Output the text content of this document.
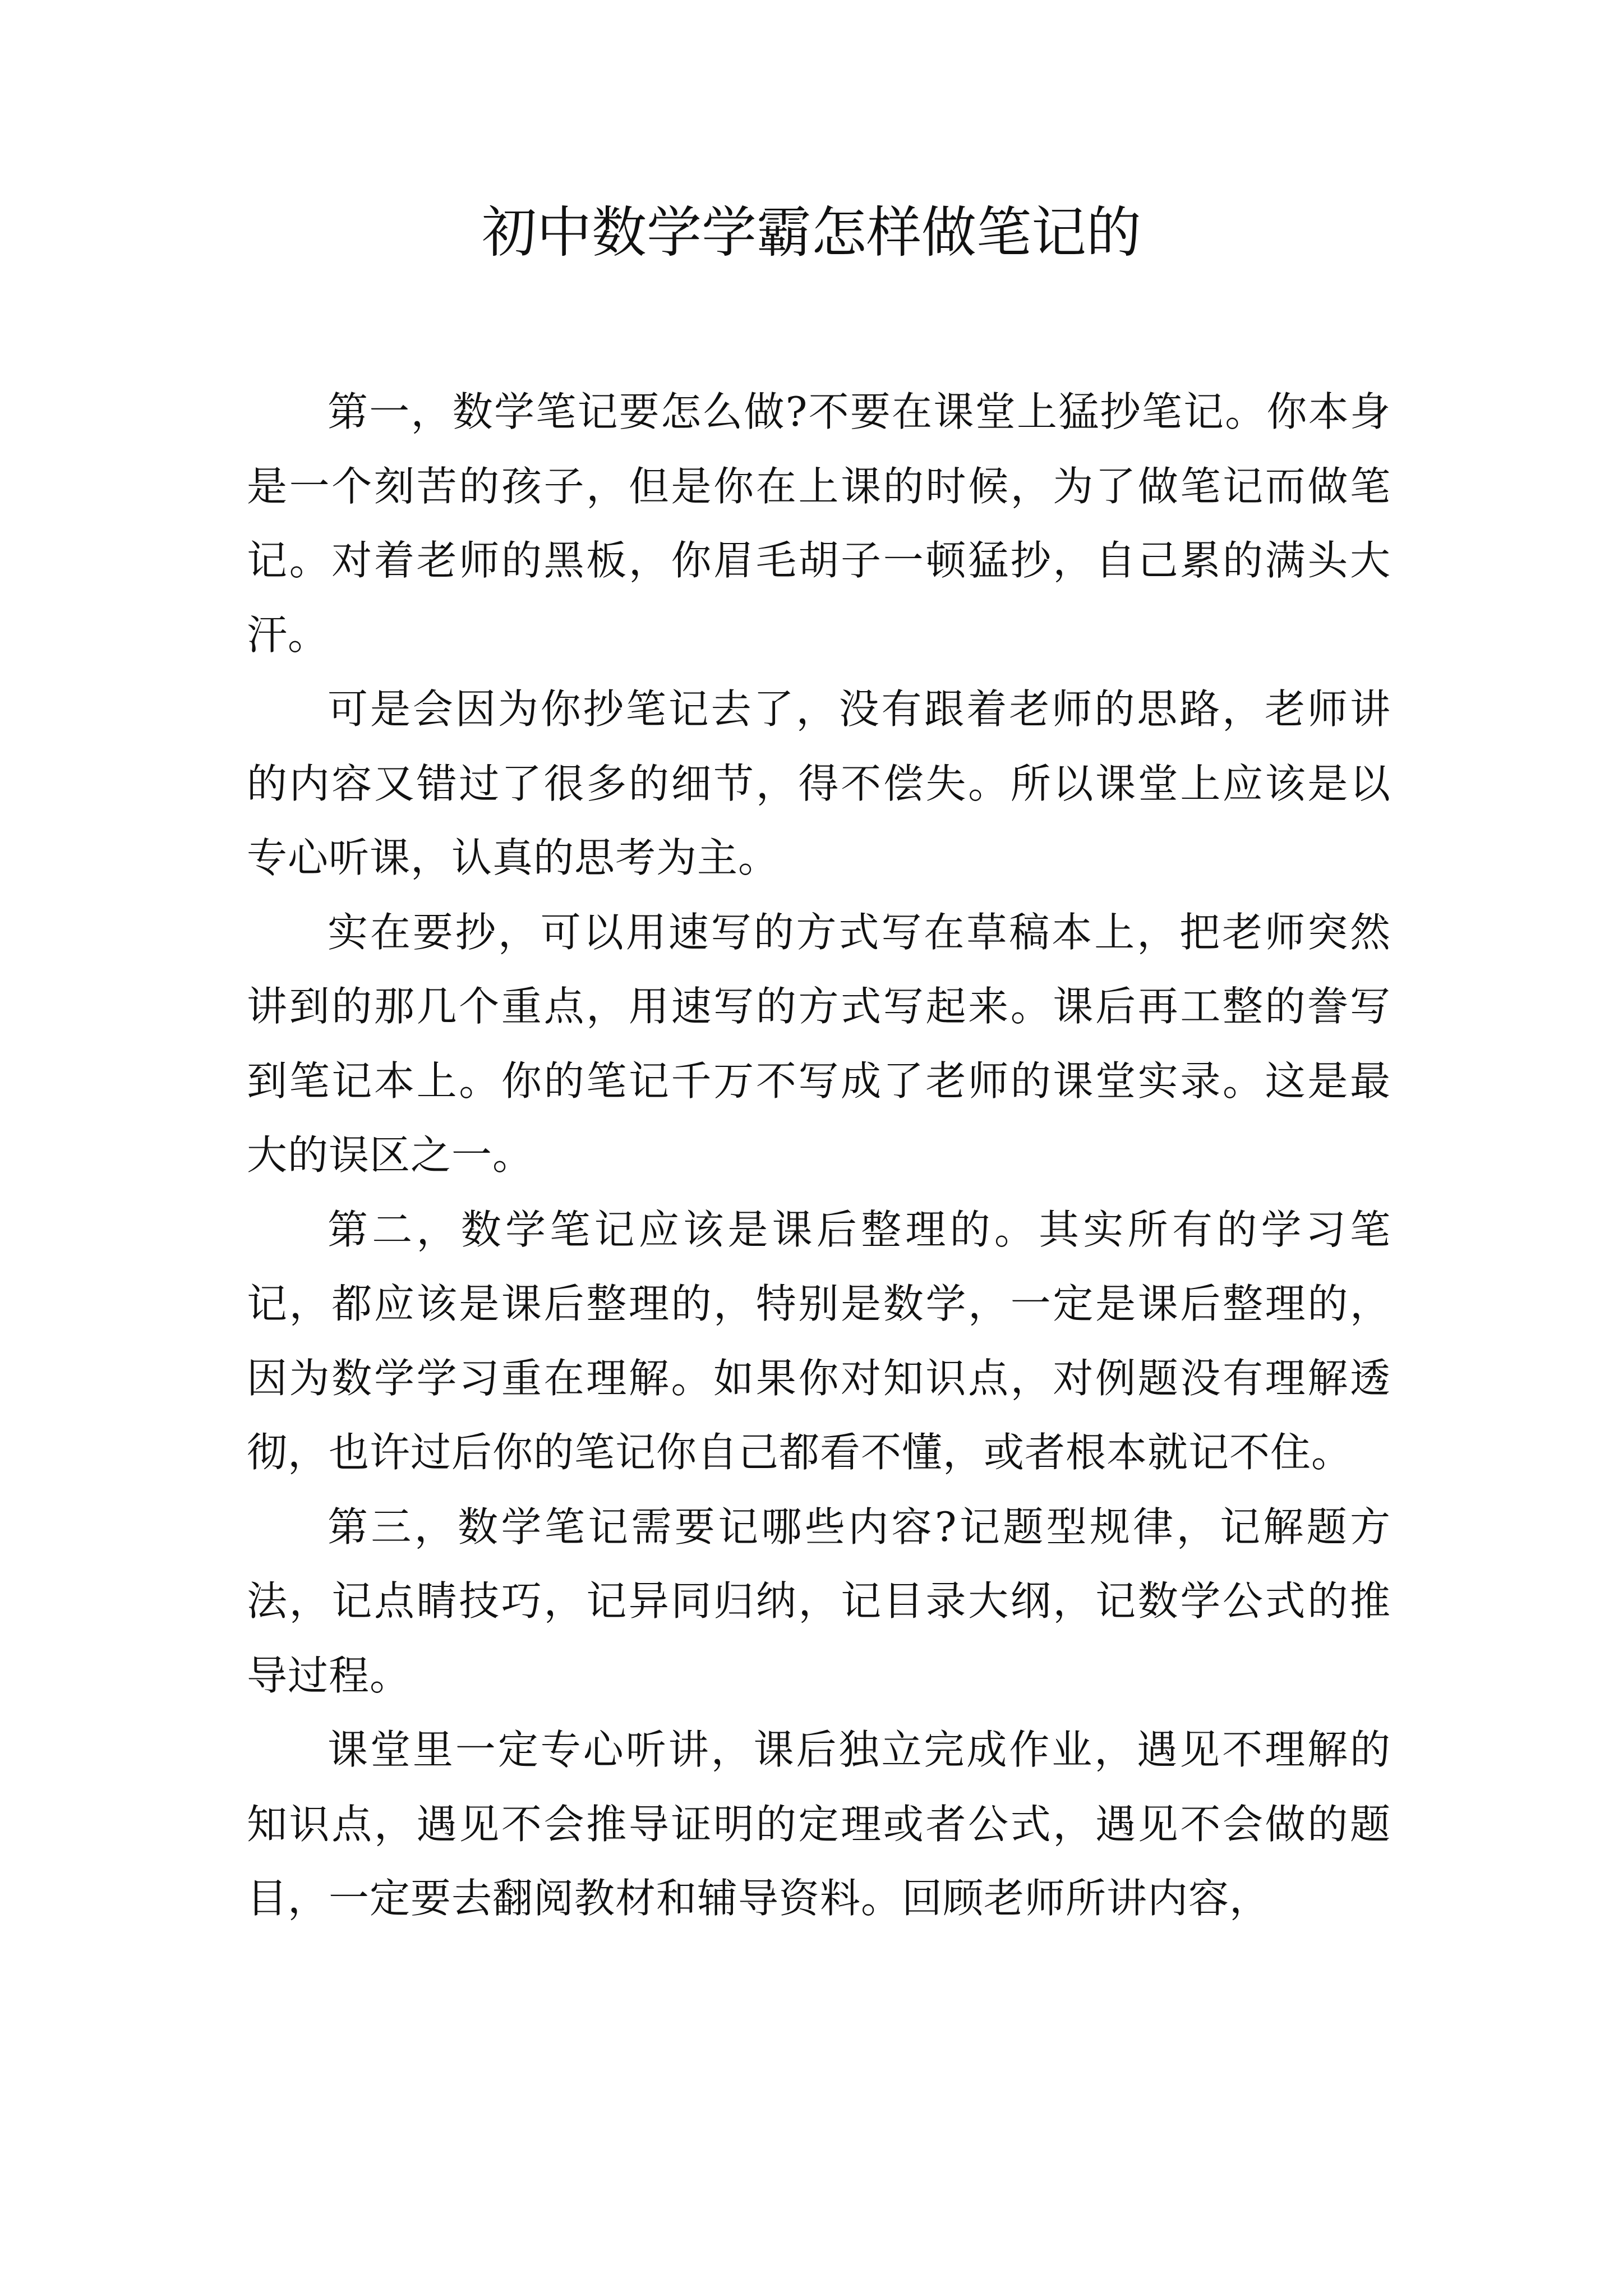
初中数学学霸怎样做笔记的

第一，数学笔记要怎么做?不要在课堂上猛抄笔记。你本身是一个刻苦的孩子，但是你在上课的时候，为了做笔记而做笔记。对着老师的黑板，你眉毛胡子一顿猛抄，自己累的满头大汗。

可是会因为你抄笔记去了，没有跟着老师的思路，老师讲的内容又错过了很多的细节，得不偿失。所以课堂上应该是以专心听课，认真的思考为主。

实在要抄，可以用速写的方式写在草稿本上，把老师突然讲到的那几个重点，用速写的方式写起来。课后再工整的誊写到笔记本上。你的笔记千万不写成了老师的课堂实录。这是最大的误区之一。

第二，数学笔记应该是课后整理的。其实所有的学习笔记，都应该是课后整理的，特别是数学，一定是课后整理的，因为数学学习重在理解。如果你对知识点，对例题没有理解透彻，也许过后你的笔记你自己都看不懂，或者根本就记不住。

第三，数学笔记需要记哪些内容?记题型规律，记解题方法，记点睛技巧，记异同归纳，记目录大纲，记数学公式的推导过程。

课堂里一定专心听讲，课后独立完成作业，遇见不理解的知识点，遇见不会推导证明的定理或者公式，遇见不会做的题目，一定要去翻阅教材和辅导资料。回顾老师所讲内容，
